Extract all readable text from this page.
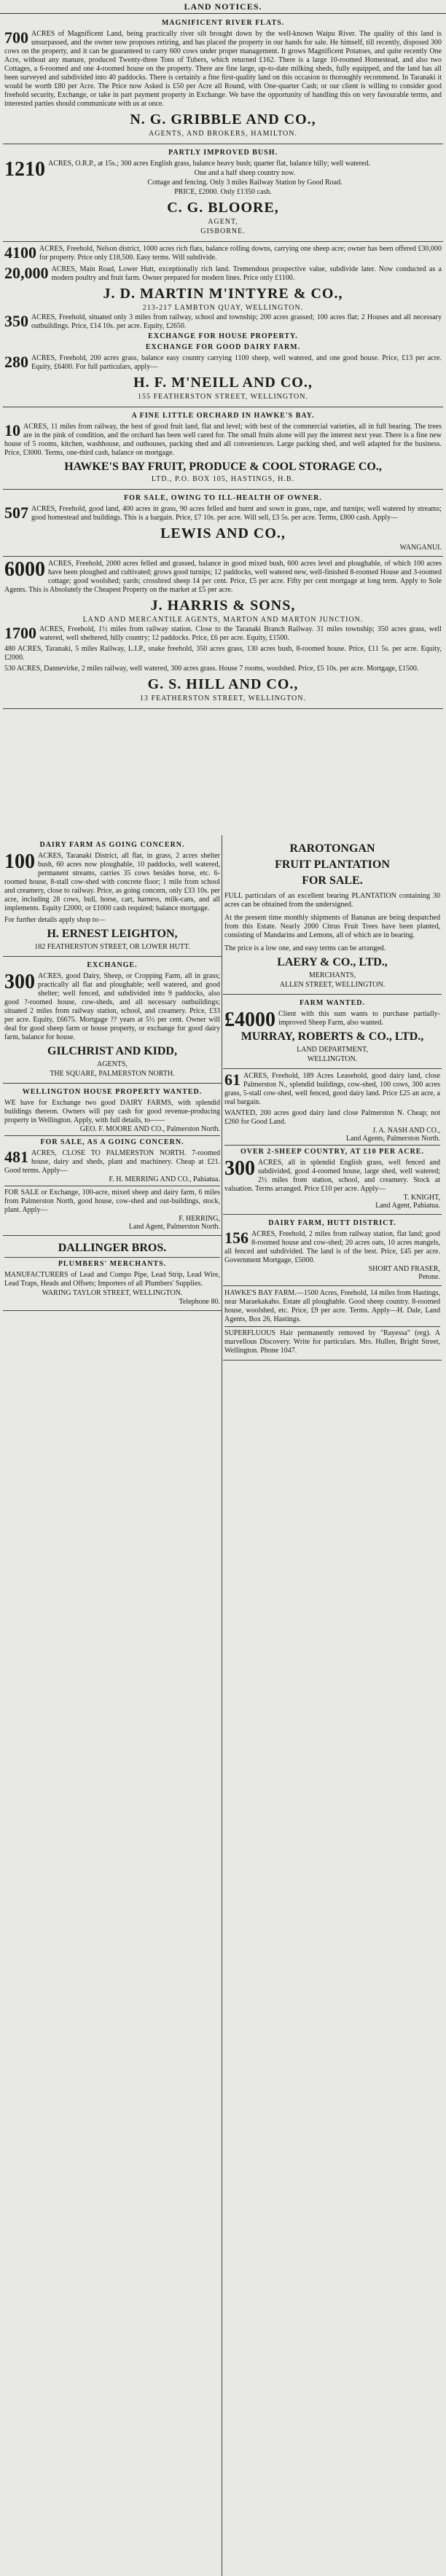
LAND NOTICES.
MAGNIFICENT RIVER FLATS.
700 ACRES of Magnificent Land, being practically river silt brought down by the well-known Waipu River. The quality of this land is unsurpassed, and the owner now proposes retiring, and has placed the property in our hands for sale. He himself, till recently, disposed 300 cows on the property, and it can be guaranteed to carry 600 cows under proper management. It grows Magnificent Potatoes, and quite recently One Acre, without any manure, produced Twenty-three Tons of Tubers, which returned £162. There is a large 10-roomed Homestead, and also two Cottages, a 6-roomed and one 4-roomed house on the property. There are fine large, up-to-date milking sheds, fully equipped, and the land has all been surveyed and subdivided into 40 paddocks. There is certainly a fine first-quality land on this occasion to thoroughly recommend. In Taranaki it would be worth £80 per Acre. The Price now Asked is £50 per Acre all Round, with One-quarter Cash; or our client is willing to consider good freehold security, Exchange, or take in part payment property in Exchange. We have the opportunity of handling this on very favourable terms, and interested parties should communicate with us at once.
N. G. GRIBBLE AND CO.,
AGENTS, AND BROKERS, HAMILTON.
PARTLY IMPROVED BUSH.
1210 ACRES, O.R.P., at 15s.; 300 acres English grass, balance heavy bush; quarter flat, balance hilly; well watered.
One and a half sheep country now.
Cottage and fencing. Only 3 miles Railway Station by Good Road.
PRICE, £2000. Only £1350 cash.
C. G. BLOORE,
AGENT,
GISBORNE.
4100 ACRES, Freehold, Nelson district, 1000 acres rich flats, balance rolling downs, carrying one sheep acre; owner has been offered £30,000 for property. Price only £18,500. Easy terms. Will subdivide.
20,000 ACRES, Main Road, Lower Hutt, exceptionally rich land. Tremendous prospective value, subdivide later. Now conducted as a modern poultry and fruit farm. Owner prepared for modern lines. Price only £1100.
J. D. MARTIN M'INTYRE & CO.,
213-217 LAMBTON QUAY, WELLINGTON.
350 ACRES, Freehold, situated only 3 miles from railway, school and township; 200 acres grassed; 100 acres flat; 2 Houses and all necessary outbuildings. Price, £14 10s. per acre. Equity, £2650.
EXCHANGE FOR HOUSE PROPERTY.
EXCHANGE FOR GOOD DAIRY FARM.
280 ACRES, Freehold, 200 acres grass, balance easy country carrying 1100 sheep, well watered, and one good house. Price, £13 per acre. Equity, £6400. For full particulars, apply—
H. F. M'NEILL AND CO.,
155 FEATHERSTON STREET, WELLINGTON.
A FINE LITTLE ORCHARD IN HAWKE'S BAY.
10 ACRES, 11 miles from railway, the best of good fruit land, flat and level; with best of the commercial varieties, all in full bearing. The trees are in the pink of condition, and the orchard has been well cared for. The small fruits alone will pay the interest next year. There is a fine new house of 5 rooms, kitchen, washhouse, and outhouses, packing shed and all conveniences. Large packing shed, and well adapted for the business. Price, £3000. Terms, one-third cash, balance on mortgage.
HAWKE'S BAY FRUIT, PRODUCE & COOL STORAGE CO.,
LTD., P.O. BOX 105, HASTINGS, H.B.
FOR SALE, OWING TO ILL-HEALTH OF OWNER.
507 ACRES, Freehold, good land, 400 acres in grass, 90 acres felled and burnt and sown in grass, rape, and turnips; well watered by streams; good homestead and buildings. This is a bargain. Price, £7 10s. per acre. Will sell, £3 5s. per acre. Terms, £800 cash. Apply—
LEWIS AND CO.,
WANGANUI.
6000 ACRES, Freehold, 2000 acres felled and grassed, balance in good mixed bush, 600 acres level and ploughable, of which 100 acres have been ploughed and cultivated; grows good turnips; 12 paddocks, well watered new, well-finished 8-roomed House and 3-roomed cottage; good woolshed; yards; crossbred sheep 14 per cent. Price, £5 per acre. Fifty per cent mortgage at long term. Apply to Sole Agents. This is Absolutely the Cheapest Property on the market at £5 per acre.
J. HARRIS & SONS,
LAND AND MERCANTILE AGENTS, MARTON AND MARTON JUNCTION.
1700 ACRES, Freehold, 1½ miles from railway station. Close to the Taranaki Branch Railway. 31 miles township; 350 acres grass, well watered, well sheltered, hilly country; 12 paddocks. Price, £6 per acre. Equity, £1500.
480 ACRES, Taranaki, 5 miles Railway, L.I.P., snake freehold, 350 acres grass, 130 acres bush, 8-roomed house. Price, £11 5s. per acre. Equity, £2000.
530 ACRES, Dannevirke, 2 miles railway, well watered, 300 acres grass. House 7 rooms, woolshed. Price, £5 10s. per acre. Mortgage, £1500.
G. S. HILL AND CO.,
13 FEATHERSTON STREET, WELLINGTON.
DAIRY FARM AS GOING CONCERN.
100 ACRES, Taranaki District, all flat, in grass, 2 acres shelter bush, 60 acres now ploughable, 10 paddocks, well watered, permanent streams, carries 35 cows besides horse, etc. 6-roomed house, 8-stall cow-shed with concrete floor; 1 mile from school and creamery, close to railway. Price, as going concern, only £33 10s. per acre, including 28 cows, bull, horse, cart, harness, milk-cans, and all implements. Equity £2000, or £1000 cash required; balance mortgage.
For further details apply shop to—
H. ERNEST LEIGHTON,
182 FEATHERSTON STREET, OR LOWER HUTT.
EXCHANGE.
300 ACRES, good Dairy, Sheep, or Cropping Farm, all in grass; practically all flat and ploughable; well watered, and good shelter; well fenced, and subdivided into 9 paddocks, also good ?-roomed house, cow-sheds, and all necessary outbuildings; situated 2 miles from railway station, school, and creamery. Price, £33 per acre. Equity, £6675. Mortgage ?? years at 5½ per cent. Owner will deal for good sheep farm or house property, or exchange for good dairy farm, balance for house.
GILCHRIST AND KIDD,
AGENTS,
THE SQUARE, PALMERSTON NORTH.
WELLINGTON HOUSE PROPERTY WANTED.
WE have for Exchange two good DAIRY FARMS, with splendid buildings thereon. Owners will pay cash for good revenue-producing property in Wellington. Apply, with full details, to——
GEO. F. MOORE AND CO., Palmerston North.
FOR SALE, AS A GOING CONCERN.
481 ACRES, CLOSE TO PALMERSTON NORTH. 7-roomed house, dairy and sheds, plant and machinery. Cheap at £21. Good terms. Apply—
F. H. MERRING AND CO., Pahiatua.
FOR SALE or Exchange, 100-acre, mixed sheep and dairy farm, 6 miles from Palmerston North, good house, cow-shed and out-buildings, stock, plant. Apply—
F. HERRING,
Land Agent, Palmerston North.
DALLINGER BROS.
PLUMBERS' MERCHANTS.
MANUFACTURERS of Lead and Compo Pipe, Lead Strip, Lead Wire, Lead Traps, Heads and Offsets; Importers of all Plumbers' Supplies.
WARING TAYLOR STREET, WELLINGTON.
Telephone 80.
RAROTONGAN
FRUIT PLANTATION
FOR SALE.
FULL particulars of an excellent bearing PLANTATION containing 30 acres can be obtained from the undersigned.
At the present time monthly shipments of Bananas are being despatched from this Estate. Nearly 2000 Citrus Fruit Trees have been planted, consisting of Mandarins and Lemons, all of which are in bearing.
The price is a low one, and easy terms can be arranged.
LAERY & CO., LTD.,
MERCHANTS,
ALLEN STREET, WELLINGTON.
FARM WANTED.
£4000 Client with this sum wants to purchase partially-improved Sheep Farm, also wanted.
MURRAY, ROBERTS & CO., LTD.,
LAND DEPARTMENT,
WELLINGTON.
61 ACRES, Freehold, 189 Acres Leasehold, good dairy land, close Palmerston N., splendid buildings, cow-shed, 100 cows, 300 acres grass, 5-stall cow-shed, well fenced, good dairy land. Price £25 an acre, a real bargain.
WANTED, 200 acres good dairy land close Palmerston N. Cheap; not £260 for Good Land.
J. A. NASH AND CO.,
Land Agents, Palmerston North.
OVER 2-SHEEP COUNTRY, AT £10 PER ACRE.
300 ACRES, all in splendid English grass, well fenced and subdivided, good 4-roomed house, large shed, well watered; 2½ miles from station, school, and creamery. Stock at valuation. Terms arranged. Price £10 per acre. Apply—
T. KNIGHT,
Land Agent, Pahiatua.
DAIRY FARM, HUTT DISTRICT.
156 ACRES, Freehold, 2 miles from railway station, flat land; good 8-roomed house and cow-shed; 20 acres oats, 10 acres mangels, all fenced and subdivided. The land is of the best. Price, £45 per acre. Government Mortgage, £5000.
SHORT AND FRASER,
Petone.
HAWKE'S BAY FARM.—1500 Acres, Freehold, 14 miles from Hastings, near Maraekakaho. Estate all ploughable. Good sheep country. 8-roomed house, woolshed, etc. Price, £9 per acre. Terms. Apply—H. Dale, Land Agents, Box 26, Hastings.
SUPERFLUOUS Hair permanently removed by "Rayessa" (reg). A marvellous Discovery. Write for particulars. Mrs. Hullen, Bright Street, Wellington. Phone 1047.
